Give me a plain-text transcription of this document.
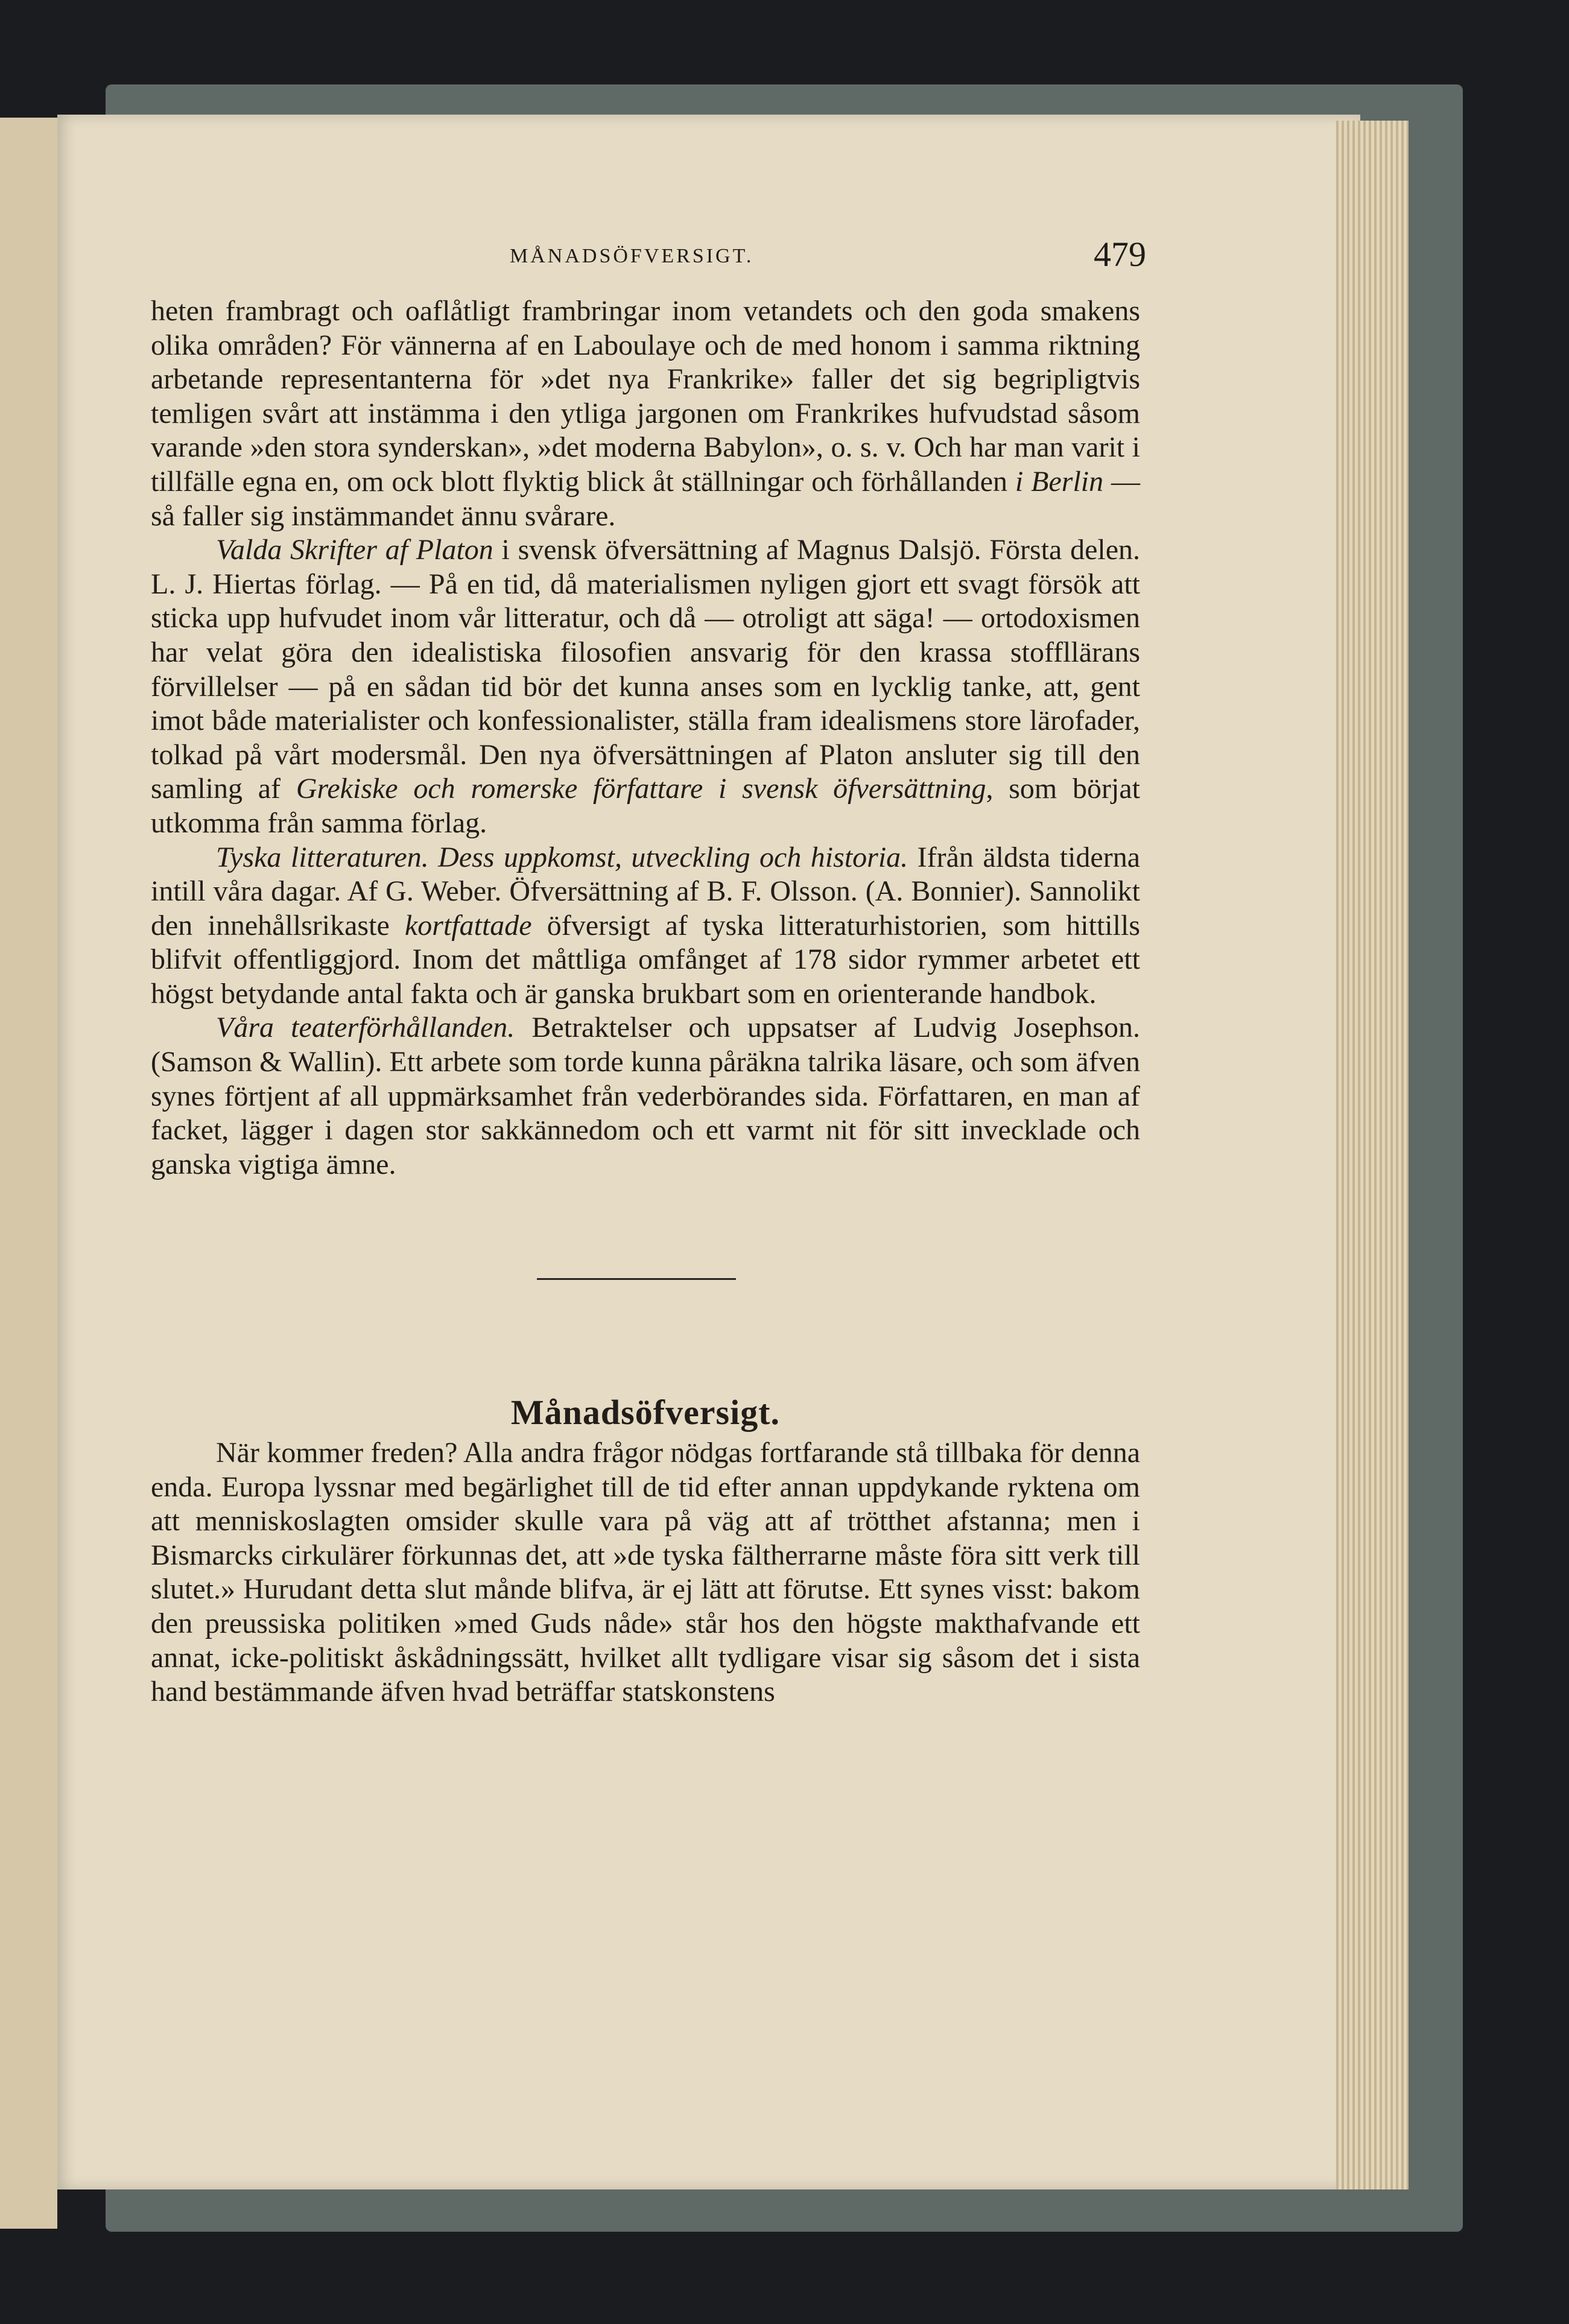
MÅNADSÖFVERSIGT.	479

heten frambragt och oaflåtligt frambringar inom vetandets och den goda smakens olika områden? För vännerna af en Laboulaye och de med honom i samma riktning arbetande representanterna för »det nya Frankrike» faller det sig begripligtvis temligen svårt att instämma i den ytliga jargonen om Frankrikes hufvudstad såsom varande »den stora synderskan», »det moderna Babylon», o. s. v. Och har man varit i tillfälle egna en, om ock blott flyktig blick åt ställningar och förhållanden i Berlin — så faller sig instämmandet ännu svårare.

Valda Skrifter af Platon i svensk öfversättning af Magnus Dalsjö. Första delen. L. J. Hiertas förlag. — På en tid, då materialismen nyligen gjort ett svagt försök att sticka upp hufvudet inom vår litteratur, och då — otroligt att säga! — ortodoxismen har velat göra den idealistiska filosofien ansvarig för den krassa stoffllärans förvillelser — på en sådan tid bör det kunna anses som en lycklig tanke, att, gent imot både materialister och konfessionalister, ställa fram idealismens store lärofader, tolkad på vårt modersmål. Den nya öfversättningen af Platon ansluter sig till den samling af Grekiske och romerske författare i svensk öfversättning, som börjat utkomma från samma förlag.

Tyska litteraturen. Dess uppkomst, utveckling och historia. Ifrån äldsta tiderna intill våra dagar. Af G. Weber. Öfversättning af B. F. Olsson. (A. Bonnier). Sannolikt den innehållsrikaste kortfattade öfversigt af tyska litteraturhistorien, som hittills blifvit offentliggjord. Inom det måttliga omfånget af 178 sidor rymmer arbetet ett högst betydande antal fakta och är ganska brukbart som en orienterande handbok.

Våra teaterförhållanden. Betraktelser och uppsatser af Ludvig Josephson. (Samson & Wallin). Ett arbete som torde kunna påräkna talrika läsare, och som äfven synes förtjent af all uppmärksamhet från vederbörandes sida. Författaren, en man af facket, lägger i dagen stor sakkännedom och ett varmt nit för sitt invecklade och ganska vigtiga ämne.

Månadsöfversigt.

När kommer freden? Alla andra frågor nödgas fortfarande stå tillbaka för denna enda. Europa lyssnar med begärlighet till de tid efter annan uppdykande ryktena om att menniskoslagten omsider skulle vara på väg att af trötthet afstanna; men i Bismarcks cirkulärer förkunnas det, att »de tyska fältherrarne måste föra sitt verk till slutet.» Hurudant detta slut månde blifva, är ej lätt att förutse. Ett synes visst: bakom den preussiska politiken »med Guds nåde» står hos den högste makthafvande ett annat, icke-politiskt åskådningssätt, hvilket allt tydligare visar sig såsom det i sista hand bestämmande äfven hvad beträffar statskonstens
